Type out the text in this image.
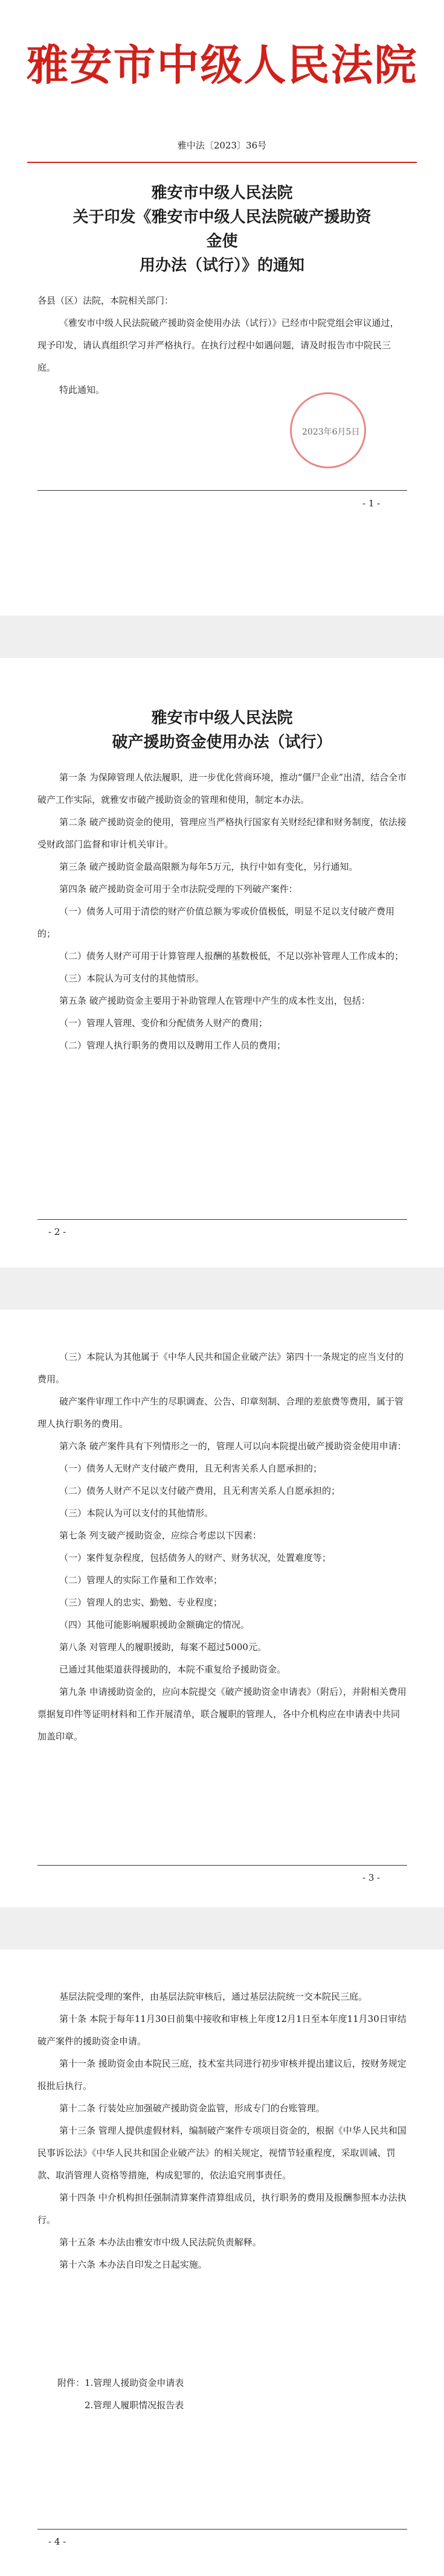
雅安市中级人民法院
雅中法〔2023〕36号
雅安市中级人民法院
关于印发《雅安市中级人民法院破产援助资金使
用办法（试行）》的通知
各县（区）法院，本院相关部门：
《雅安市中级人民法院破产援助资金使用办法（试行）》已经市中院党组会审议通过，现予印发，请认真组织学习并严格执行。在执行过程中如遇问题，请及时报告市中院民三庭。
特此通知。
2023年6月5日
- 1 -
雅安市中级人民法院
破产援助资金使用办法（试行）
第一条 为保障管理人依法履职，进一步优化营商环境，推动“僵尸企业”出清，结合全市破产工作实际，就雅安市破产援助资金的管理和使用，制定本办法。
第二条 破产援助资金的使用，管理应当严格执行国家有关财经纪律和财务制度，依法接受财政部门监督和审计机关审计。
第三条 破产援助资金最高限额为每年5万元，执行中如有变化，另行通知。
第四条 破产援助资金可用于全市法院受理的下列破产案件：
（一）债务人可用于清偿的财产价值总额为零或价值极低，明显不足以支付破产费用的；
（二）债务人财产可用于计算管理人报酬的基数极低，不足以弥补管理人工作成本的；
（三）本院认为可支付的其他情形。
第五条 破产援助资金主要用于补助管理人在管理中产生的成本性支出，包括：
（一）管理人管理、变价和分配债务人财产的费用；
（二）管理人执行职务的费用以及聘用工作人员的费用；
- 2 -
（三）本院认为其他属于《中华人民共和国企业破产法》第四十一条规定的应当支付的费用。
破产案件审理工作中产生的尽职调查、公告、印章刻制、合理的差旅费等费用，属于管理人执行职务的费用。
第六条 破产案件具有下列情形之一的，管理人可以向本院提出破产援助资金使用申请：
（一）债务人无财产支付破产费用，且无利害关系人自愿承担的；
（二）债务人财产不足以支付破产费用，且无利害关系人自愿承担的；
（三）本院认为可以支付的其他情形。
第七条 列支破产援助资金，应综合考虑以下因素：
（一）案件复杂程度，包括债务人的财产、财务状况，处置难度等；
（二）管理人的实际工作量和工作效率；
（三）管理人的忠实、勤勉、专业程度；
（四）其他可能影响履职援助金额确定的情况。
第八条 对管理人的履职援助，每案不超过5000元。
已通过其他渠道获得援助的，本院不重复给予援助资金。
第九条 申请援助资金的，应向本院提交《破产援助资金申请表》（附后），并附相关费用票据复印件等证明材料和工作开展清单，联合履职的管理人，各中介机构应在申请表中共同加盖印章。
- 3 -
基层法院受理的案件，由基层法院审核后，通过基层法院统一交本院民三庭。
第十条 本院于每年11月30日前集中接收和审核上年度12月1日至本年度11月30日审结破产案件的援助资金申请。
第十一条 援助资金由本院民三庭，技术室共同进行初步审核并提出建议后，按财务规定报批后执行。
第十二条 行装处应加强破产援助资金监管，形成专门的台账管理。
第十三条 管理人提供虚假材料，编制破产案件专项项目资金的，根据《中华人民共和国民事诉讼法》《中华人民共和国企业破产法》的相关规定，视情节轻重程度，采取训诫、罚款、取消管理人资格等措施，构成犯罪的，依法追究刑事责任。
第十四条 中介机构担任强制清算案件清算组成员，执行职务的费用及报酬参照本办法执行。
第十五条 本办法由雅安市中级人民法院负责解释。
第十六条 本办法自印发之日起实施。
附件：1.管理人援助资金申请表
2.管理人履职情况报告表
- 4 -
